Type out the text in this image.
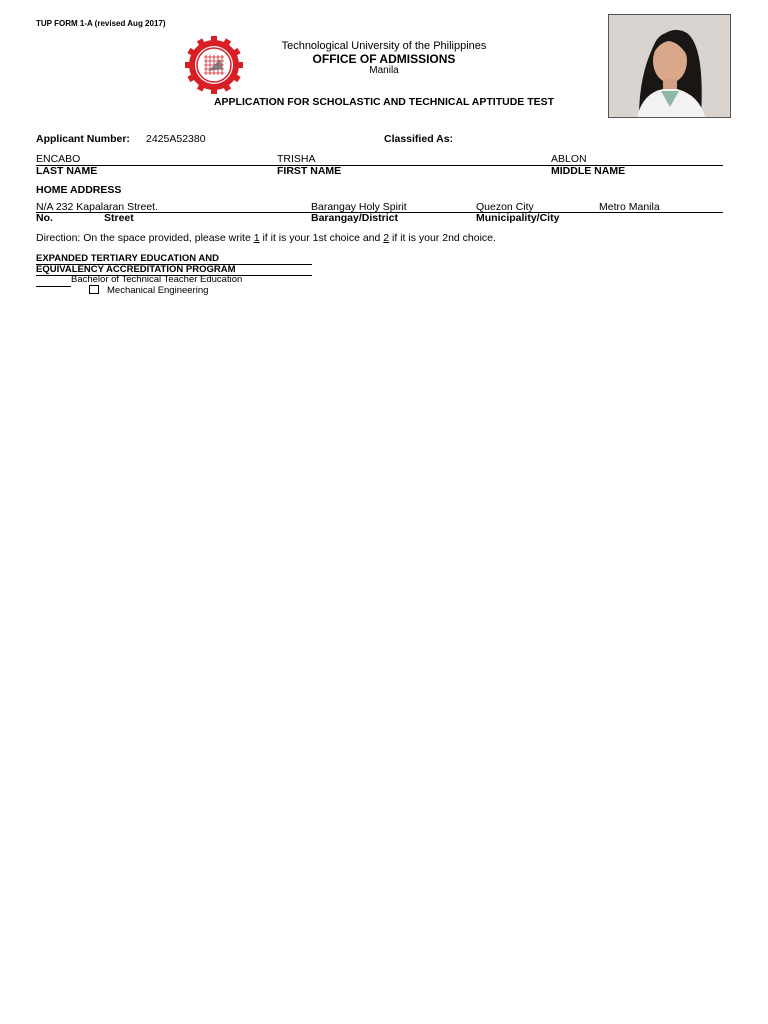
TUP FORM 1-A (revised Aug 2017)
Technological University of the Philippines
OFFICE OF ADMISSIONS
Manila
APPLICATION FOR SCHOLASTIC AND TECHNICAL APTITUDE TEST
Applicant Number: 2425A52380	Classified As:
ENCABO	TRISHA	ABLON
LAST NAME	FIRST NAME	MIDDLE NAME
HOME ADDRESS
N/A 232 Kapalaran Street.	Barangay Holy Spirit	Quezon City	Metro Manila
No.	Street	Barangay/District	Municipality/City
Direction: On the space provided, please write 1 if it is your 1st choice and 2 if it is your 2nd choice.
EXPANDED TERTIARY EDUCATION AND
EQUIVALENCY ACCREDITATION PROGRAM
Bachelor of Technical Teacher Education
Mechanical Engineering
